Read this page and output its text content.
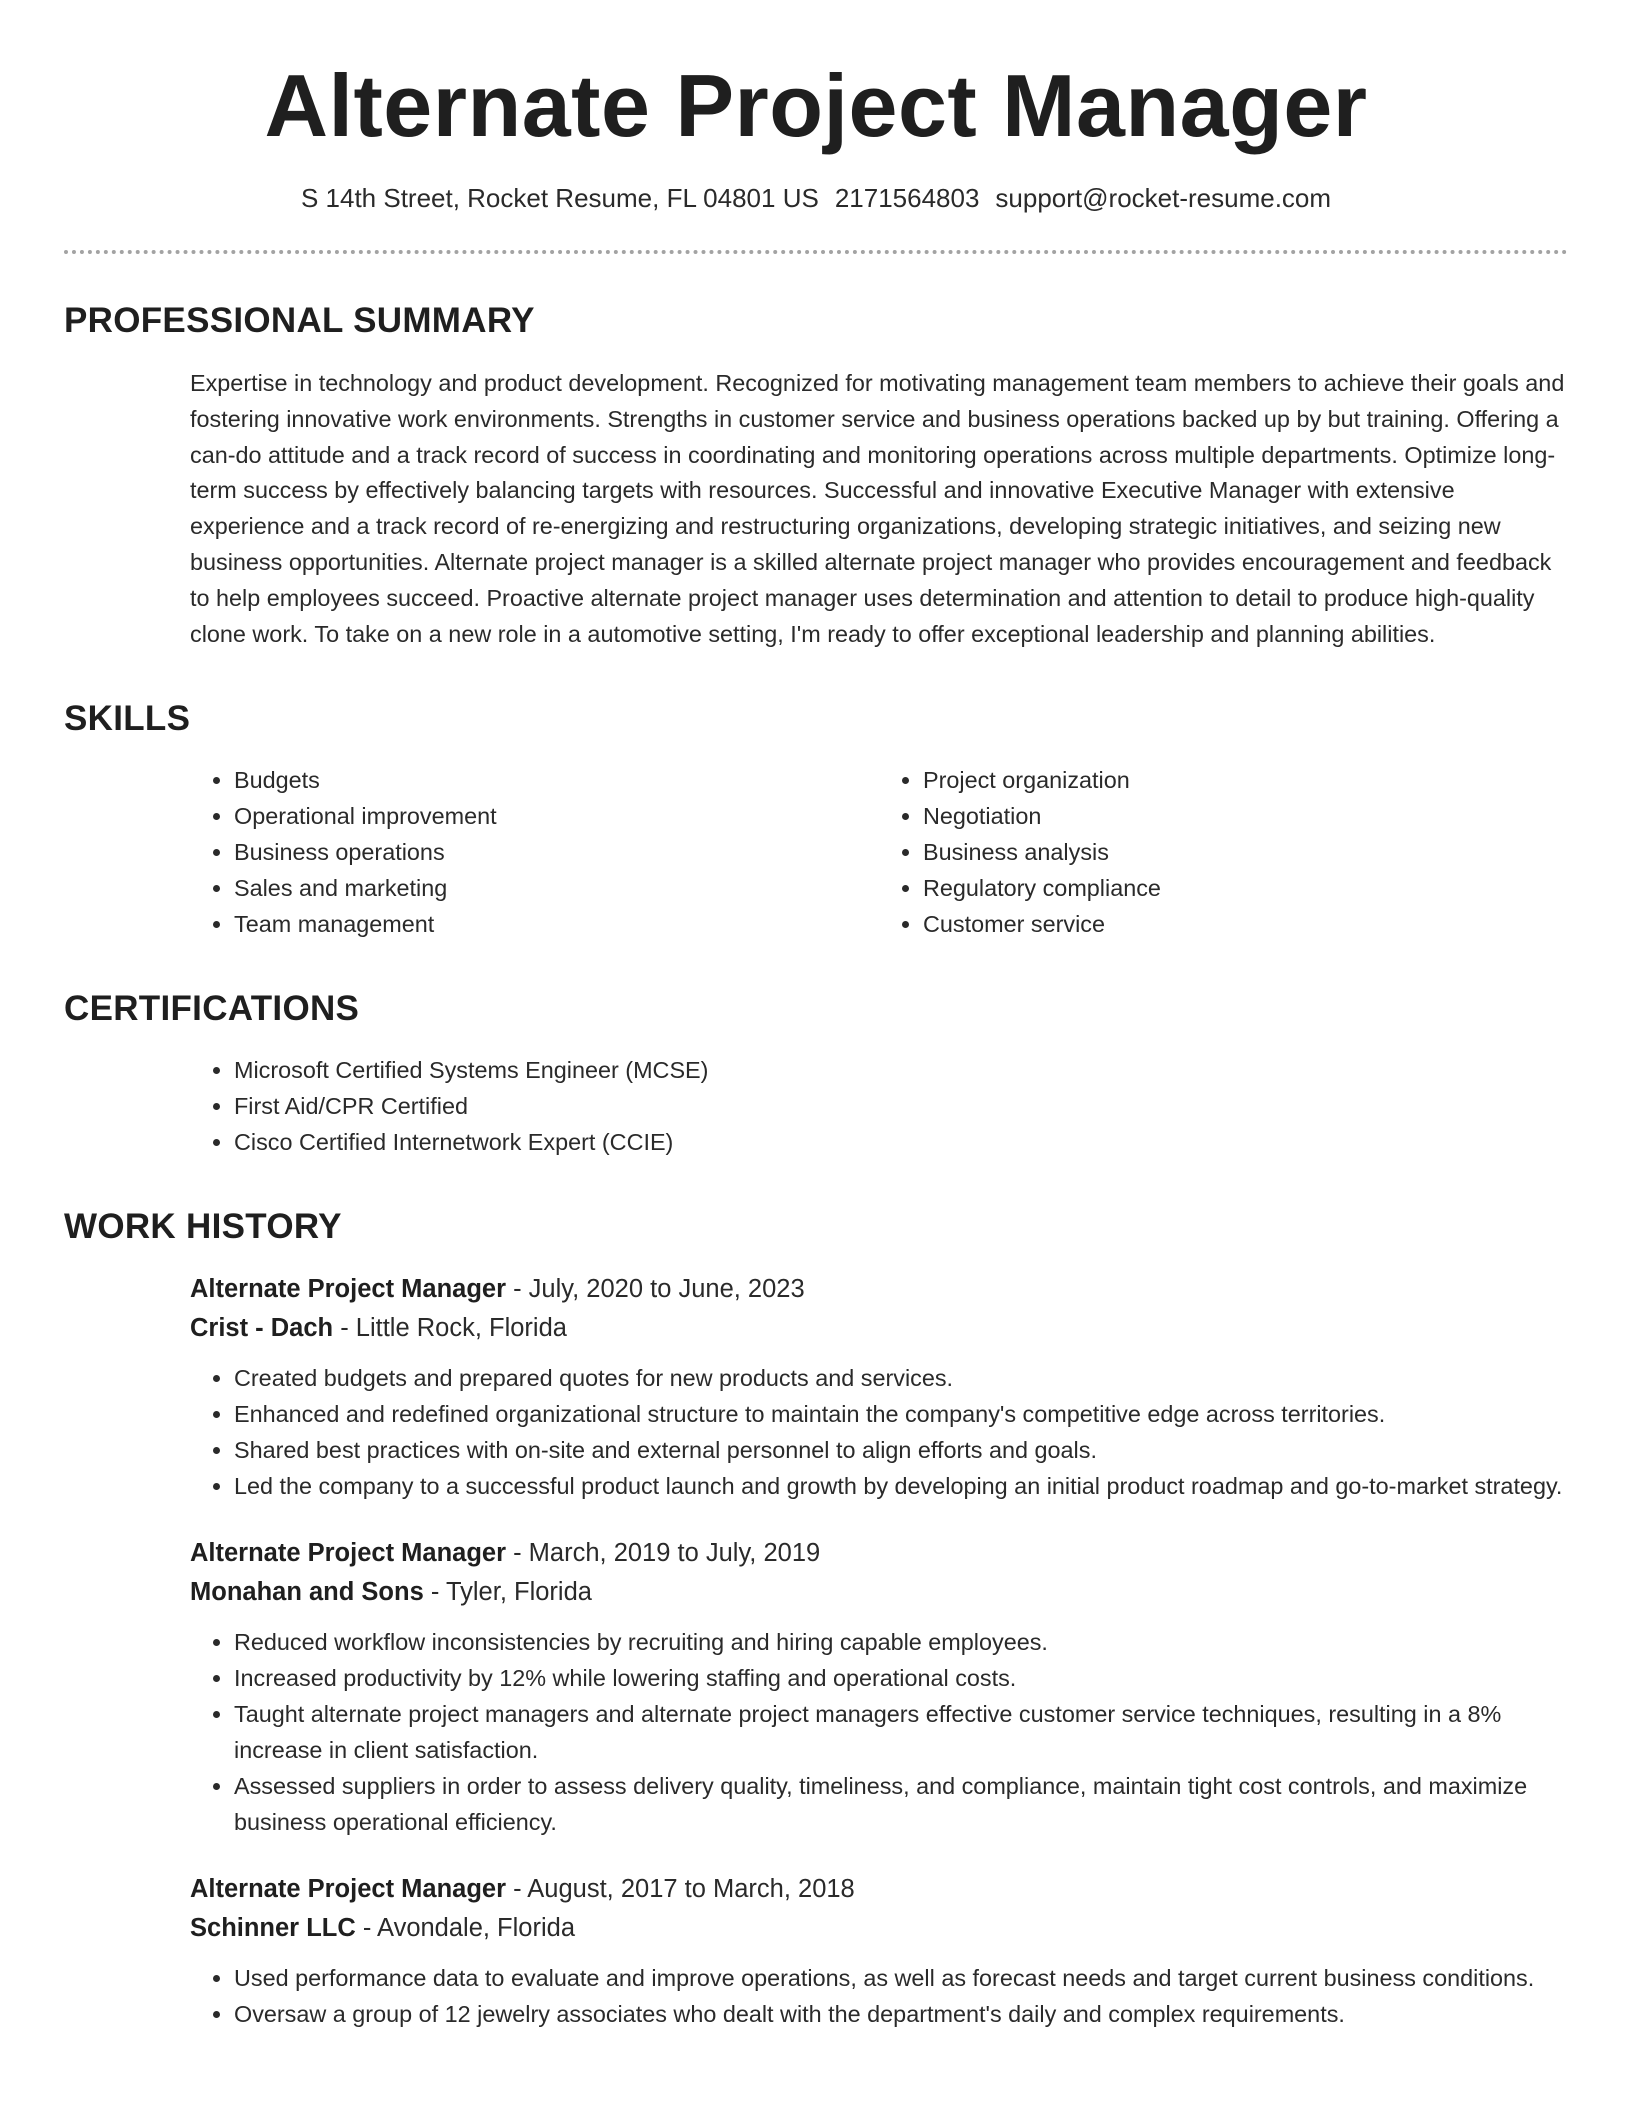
Alternate Project Manager
S 14th Street, Rocket Resume, FL 04801 US 2171564803 support@rocket-resume.com
PROFESSIONAL SUMMARY
Expertise in technology and product development. Recognized for motivating management team members to achieve their goals and fostering innovative work environments. Strengths in customer service and business operations backed up by but training. Offering a can-do attitude and a track record of success in coordinating and monitoring operations across multiple departments. Optimize long-term success by effectively balancing targets with resources. Successful and innovative Executive Manager with extensive experience and a track record of re-energizing and restructuring organizations, developing strategic initiatives, and seizing new business opportunities. Alternate project manager is a skilled alternate project manager who provides encouragement and feedback to help employees succeed. Proactive alternate project manager uses determination and attention to detail to produce high-quality clone work. To take on a new role in a automotive setting, I'm ready to offer exceptional leadership and planning abilities.
SKILLS
• Budgets
• Operational improvement
• Business operations
• Sales and marketing
• Team management
• Project organization
• Negotiation
• Business analysis
• Regulatory compliance
• Customer service
CERTIFICATIONS
• Microsoft Certified Systems Engineer (MCSE)
• First Aid/CPR Certified
• Cisco Certified Internetwork Expert (CCIE)
WORK HISTORY
Alternate Project Manager - July, 2020 to June, 2023
Crist - Dach - Little Rock, Florida
• Created budgets and prepared quotes for new products and services.
• Enhanced and redefined organizational structure to maintain the company's competitive edge across territories.
• Shared best practices with on-site and external personnel to align efforts and goals.
• Led the company to a successful product launch and growth by developing an initial product roadmap and go-to-market strategy.
Alternate Project Manager - March, 2019 to July, 2019
Monahan and Sons - Tyler, Florida
• Reduced workflow inconsistencies by recruiting and hiring capable employees.
• Increased productivity by 12% while lowering staffing and operational costs.
• Taught alternate project managers and alternate project managers effective customer service techniques, resulting in a 8% increase in client satisfaction.
• Assessed suppliers in order to assess delivery quality, timeliness, and compliance, maintain tight cost controls, and maximize business operational efficiency.
Alternate Project Manager - August, 2017 to March, 2018
Schinner LLC - Avondale, Florida
• Used performance data to evaluate and improve operations, as well as forecast needs and target current business conditions.
• Oversaw a group of 12 jewelry associates who dealt with the department's daily and complex requirements.
